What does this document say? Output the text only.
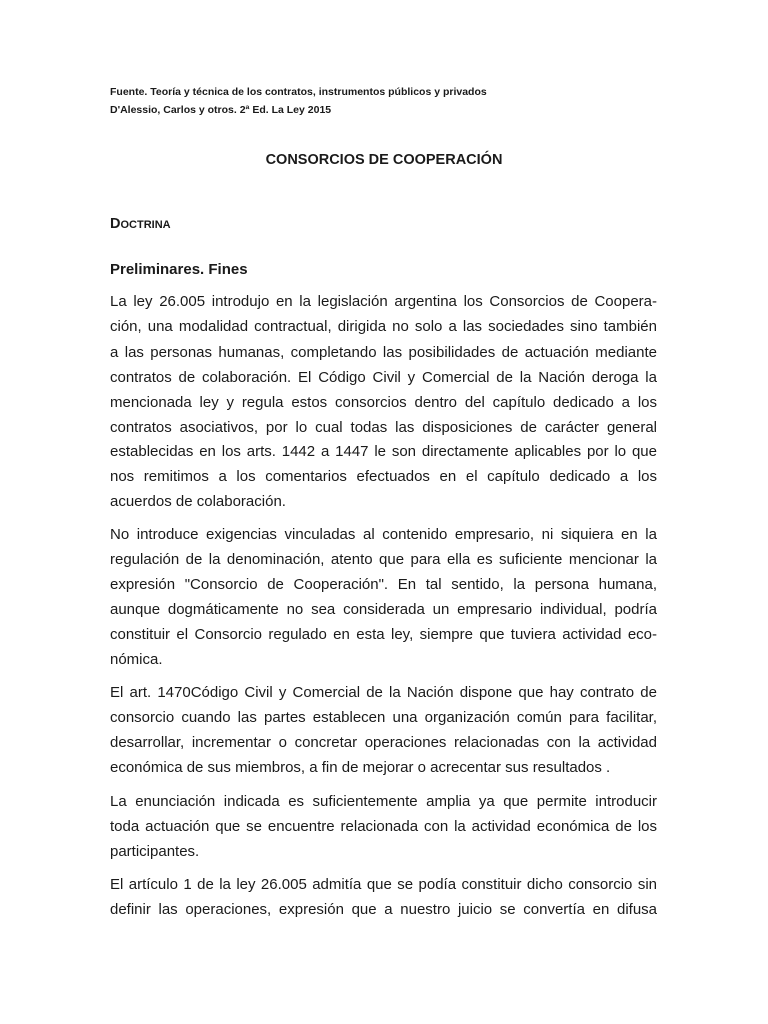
Fuente. Teoría y técnica de los contratos, instrumentos públicos y privados
D'Alessio, Carlos y otros. 2ª Ed. La Ley 2015
CONSORCIOS DE COOPERACIÓN
DOCTRINA
Preliminares. Fines
La ley 26.005 introdujo en la legislación argentina los Consorcios de Coopera-
ción, una modalidad contractual, dirigida no solo a las sociedades sino también
a las personas humanas, completando las posibilidades de actuación mediante
contratos de colaboración. El Código Civil y Comercial de la Nación deroga la
mencionada ley y regula estos consorcios dentro del capítulo dedicado a los
contratos asociativos, por lo cual todas las disposiciones de carácter general
establecidas en los arts. 1442 a 1447 le son directamente aplicables por lo que
nos remitimos a los comentarios efectuados en el capítulo dedicado a los
acuerdos de colaboración.
No introduce exigencias vinculadas al contenido empresario, ni siquiera en la
regulación de la denominación, atento que para ella es suficiente mencionar la
expresión "Consorcio de Cooperación". En tal sentido, la persona humana,
aunque dogmáticamente no sea considerada un empresario individual, podría
constituir el Consorcio regulado en esta ley, siempre que tuviera actividad eco-
nómica.
El art. 1470Código Civil y Comercial de la Nación dispone que hay contrato de
consorcio cuando las partes establecen una organización común para facilitar,
desarrollar, incrementar o concretar operaciones relacionadas con la actividad
económica de sus miembros, a fin de mejorar o acrecentar sus resultados .
La enunciación indicada es suficientemente amplia ya que permite introducir
toda actuación que se encuentre relacionada con la actividad económica de los
participantes.
El artículo 1 de la ley 26.005 admitía que se podía constituir dicho consorcio sin
definir las operaciones, expresión que a nuestro juicio se convertía en difusa
